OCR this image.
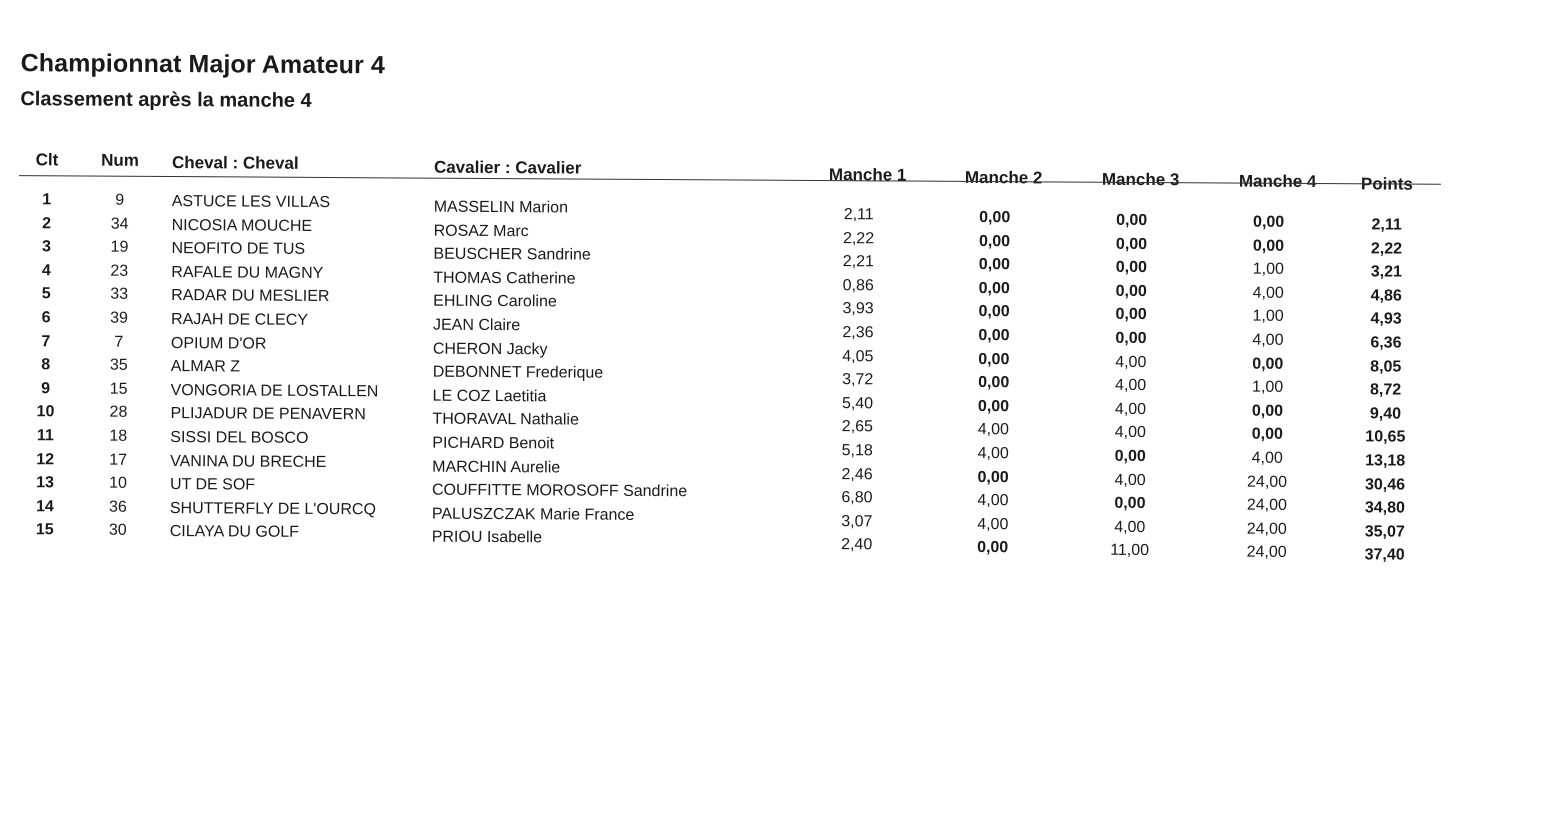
Championnat Major Amateur 4
Classement après la manche 4
Clt	Num Cheval : Cheval	Cavalier : Cavalier	Manche 1	Manche 2	Manche 3	Manche 4	Points
1	9	ASTUCE LES VILLAS	MASSELIN Marion	2,11	0,00	0,00	0,00	2,11
2	34	NICOSIA MOUCHE	ROSAZ Marc	2,22	0,00	0,00	0,00	2,22
3	19	NEOFITO DE TUS	BEUSCHER Sandrine	2,21	0,00	0,00	1,00	3,21
4	23	RAFALE DU MAGNY	THOMAS Catherine	0,86	0,00	0,00	4,00	4,86
5	33	RADAR DU MESLIER	EHLING Caroline	3,93	0,00	0,00	1,00	4,93
6	39	RAJAH DE CLECY	JEAN Claire	2,36	0,00	0,00	4,00	6,36
7	7	OPIUM D'OR	CHERON Jacky	4,05	0,00	4,00	0,00	8,05
8	35	ALMAR Z	DEBONNET Frederique	3,72	0,00	4,00	1,00	8,72
9	15	VONGORIA DE LOSTALLEN	LE COZ Laetitia	5,40	0,00	4,00	0,00	9,40
10	28	PLIJADUR DE PENAVERN	THORAVAL Nathalie	2,65	4,00	4,00	0,00	10,65
11	18	SISSI DEL BOSCO	PICHARD Benoit	5,18	4,00	0,00	4,00	13,18
12	17	VANINA DU BRECHE	MARCHIN Aurelie	2,46	0,00	4,00	24,00	30,46
13	10	UT DE SOF	COUFFITTE MOROSOFF Sandrine	6,80	4,00	0,00	24,00	34,80
14	36	SHUTTERFLY DE L'OURCQ	PALUSZCZAK Marie France	3,07	4,00	4,00	24,00	35,07
15	30	CILAYA DU GOLF	PRIOU Isabelle	2,40	0,00	11,00	24,00	37,40
